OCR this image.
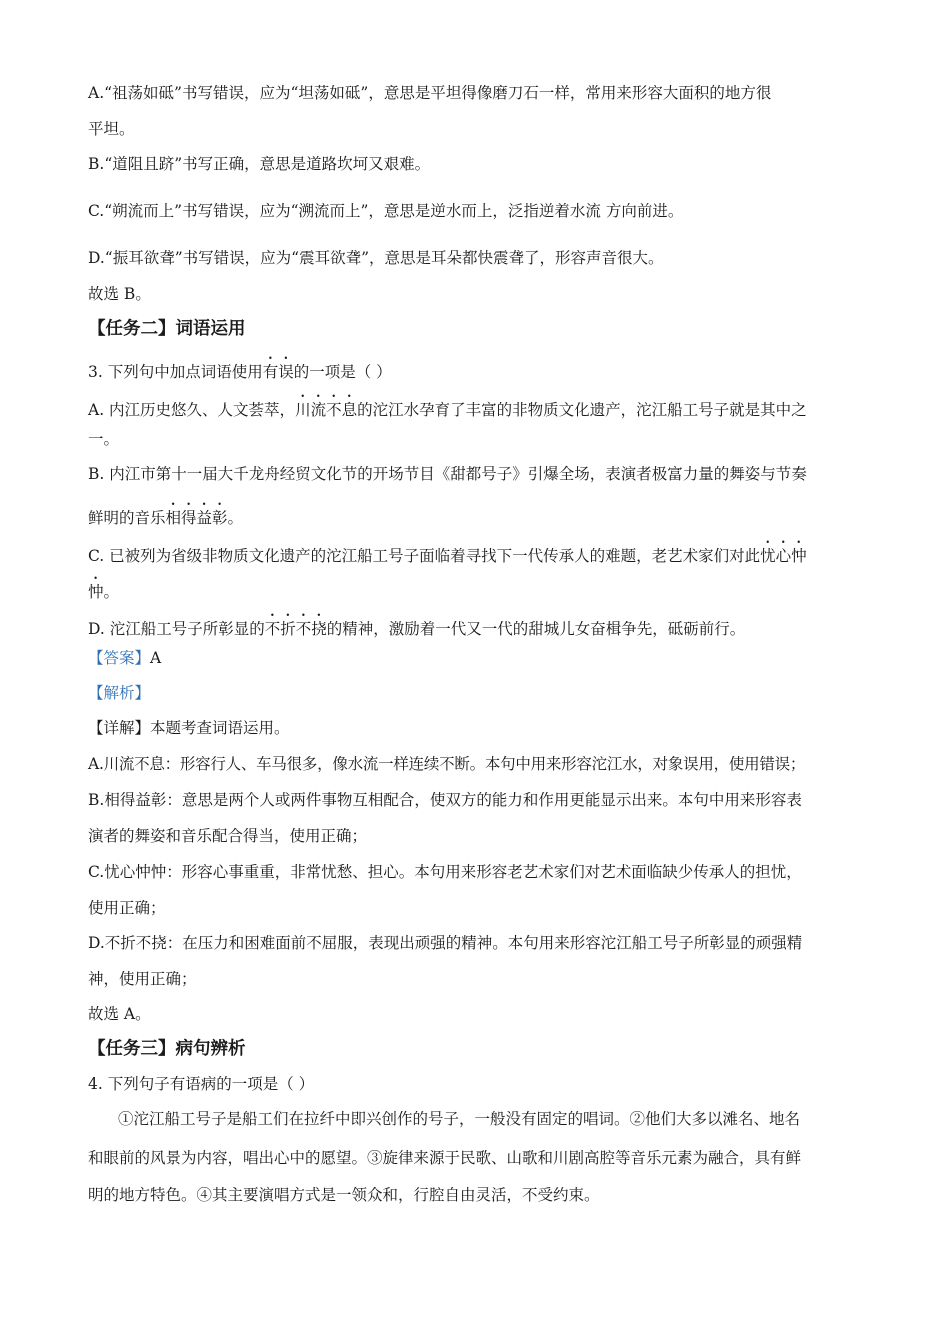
A.“祖荡如砥”书写错误，应为“坦荡如砥”，意思是平坦得像磨刀石一样，常用来形容大面积的地方很
平坦。
B.“道阻且跻”书写正确，意思是道路坎坷又艰难。
C.“朔流而上”书写错误，应为“溯流而上”，意思是逆水而上，泛指逆着水流 方向前进。
D.“振耳欲聋”书写错误，应为“震耳欲聋”，意思是耳朵都快震聋了，形容声音很大。
故选 B。
【任务二】词语运用
3. 下列句中加点词语使用有误的一项是（ ）
A. 内江历史悠久、人文荟萃，川流不息的沱江水孕育了丰富的非物质文化遗产，沱江船工号子就是其中之
一。
B. 内江市第十一届大千龙舟经贸文化节的开场节目《甜都号子》引爆全场，表演者极富力量的舞姿与节奏
鲜明的音乐相得益彰。
C. 已被列为省级非物质文化遗产的沱江船工号子面临着寻找下一代传承人的难题，老艺术家们对此忧心忡
忡。
D. 沱江船工号子所彰显的不折不挠的精神，激励着一代又一代的甜城儿女奋楫争先，砥砺前行。
【答案】A
【解析】
【详解】本题考查词语运用。
A.川流不息：形容行人、车马很多，像水流一样连续不断。本句中用来形容沱江水，对象误用，使用错误；
B.相得益彰：意思是两个人或两件事物互相配合，使双方的能力和作用更能显示出来。本句中用来形容表
演者的舞姿和音乐配合得当，使用正确；
C.忧心忡忡：形容心事重重，非常忧愁、担心。本句用来形容老艺术家们对艺术面临缺少传承人的担忧，
使用正确；
D.不折不挠：在压力和困难面前不屈服，表现出顽强的精神。本句用来形容沱江船工号子所彰显的顽强精
神，使用正确；
故选 A。
【任务三】病句辨析
4. 下列句子有语病的一项是（ ）
①沱江船工号子是船工们在拉纤中即兴创作的号子，一般没有固定的唱词。②他们大多以滩名、地名
和眼前的风景为内容，唱出心中的愿望。③旋律来源于民歌、山歌和川剧高腔等音乐元素为融合，具有鲜
明的地方特色。④其主要演唱方式是一领众和，行腔自由灵活，不受约束。
